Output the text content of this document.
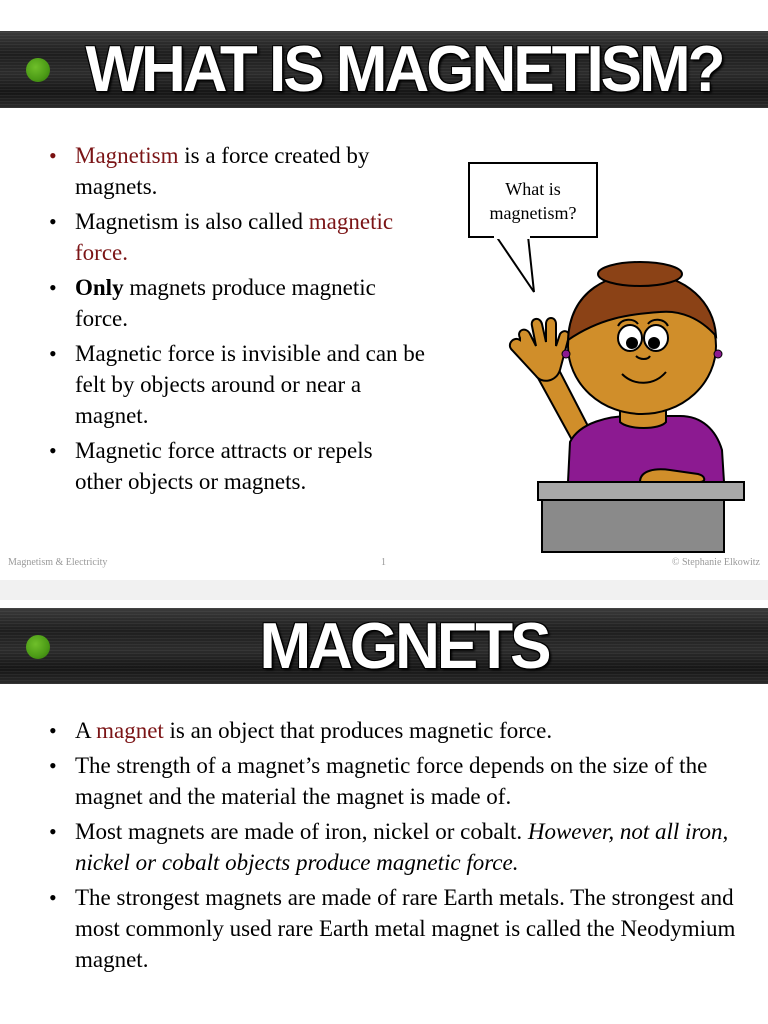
WHAT IS MAGNETISM?
• Magnetism is a force created by magnets.
• Magnetism is also called magnetic force.
• Only magnets produce magnetic force.
• Magnetic force is invisible and can be felt by objects around or near a magnet.
• Magnetic force attracts or repels other objects or magnets.
What is magnetism?
Magnetism & Electricity	1	© Stephanie Elkowitz
MAGNETS
• A magnet is an object that produces magnetic force.
• The strength of a magnet’s magnetic force depends on the size of the magnet and the material the magnet is made of.
• Most magnets are made of iron, nickel or cobalt. However, not all iron, nickel or cobalt objects produce magnetic force.
• The strongest magnets are made of rare Earth metals. The strongest and most commonly used rare Earth metal magnet is called the Neodymium magnet.
